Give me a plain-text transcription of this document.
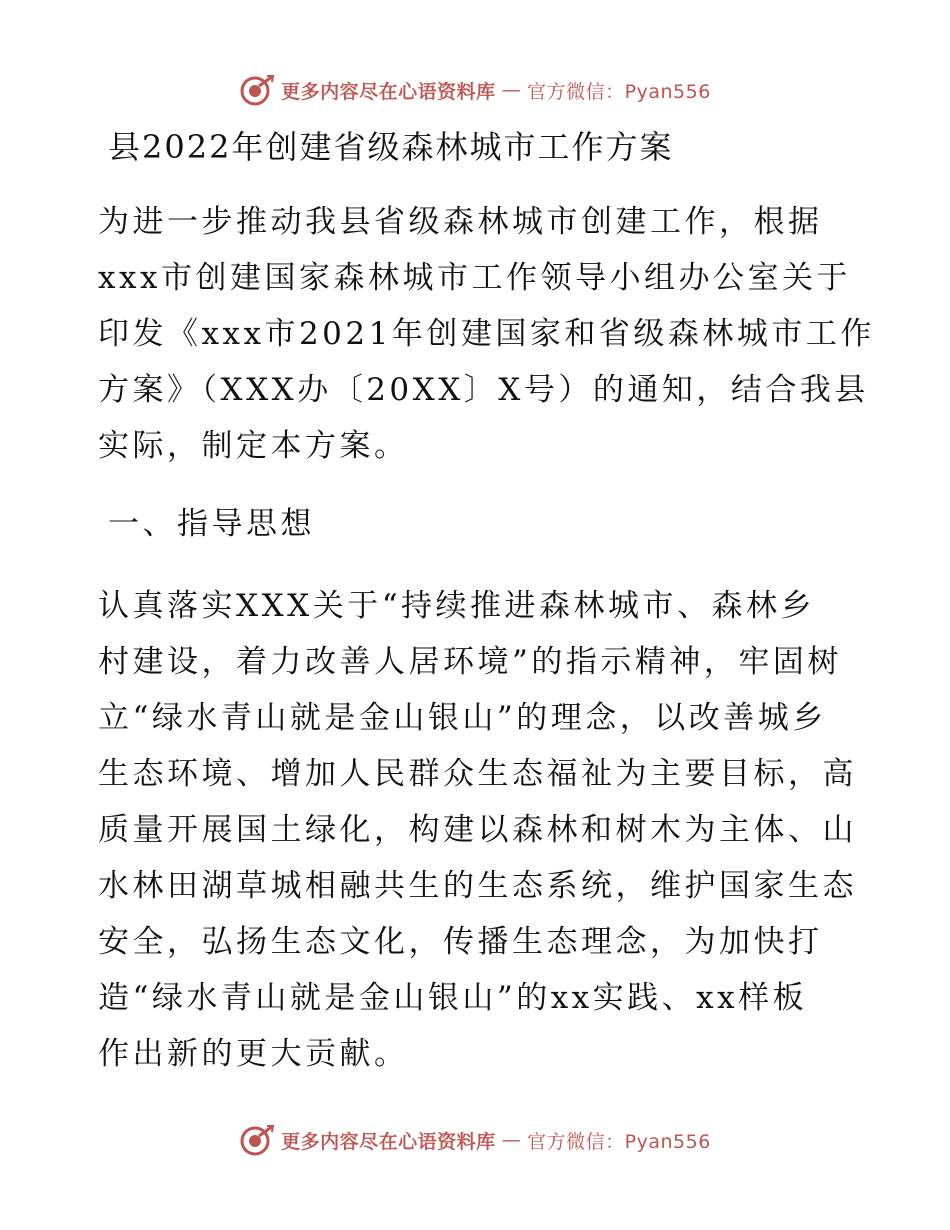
更多内容尽在心语资料库 — 官方微信：Pyan556
县2022年创建省级森林城市工作方案
为进一步推动我县省级森林城市创建工作，根据
xxx市创建国家森林城市工作领导小组办公室关于
印发《xxx市2021年创建国家和省级森林城市工作
方案》（XXX办〔20XX〕X号）的通知，结合我县
实际，制定本方案。
一、指导思想
认真落实XXX关于“持续推进森林城市、森林乡
村建设，着力改善人居环境”的指示精神，牢固树
立“绿水青山就是金山银山”的理念，以改善城乡
生态环境、增加人民群众生态福祉为主要目标，高
质量开展国土绿化，构建以森林和树木为主体、山
水林田湖草城相融共生的生态系统，维护国家生态
安全，弘扬生态文化，传播生态理念，为加快打
造“绿水青山就是金山银山”的xx实践、xx样板
作出新的更大贡献。
更多内容尽在心语资料库 — 官方微信：Pyan556
